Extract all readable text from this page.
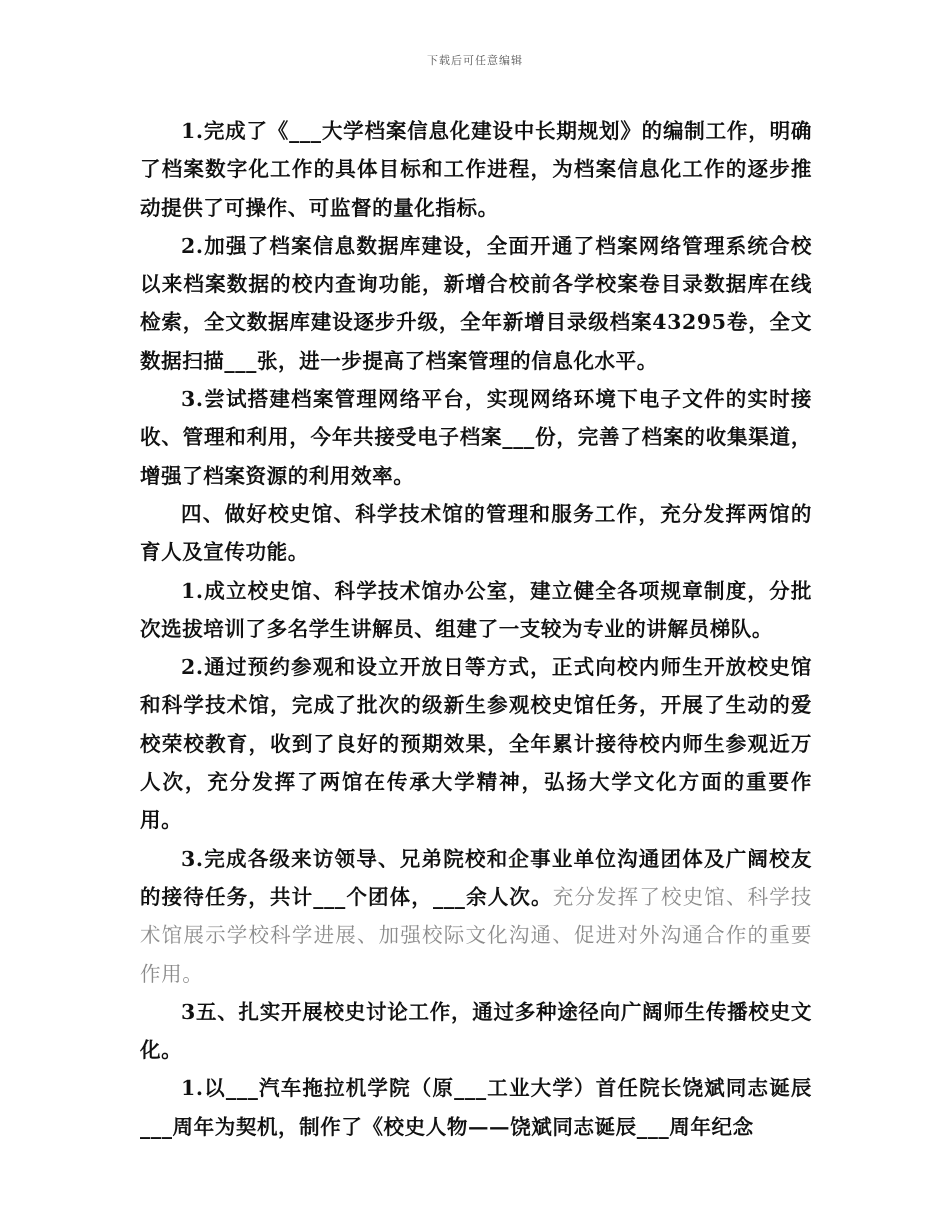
下载后可任意编辑

1.完成了《___大学档案信息化建设中长期规划》的编制工作，明确了档案数字化工作的具体目标和工作进程，为档案信息化工作的逐步推动提供了可操作、可监督的量化指标。

2.加强了档案信息数据库建设，全面开通了档案网络管理系统合校以来档案数据的校内查询功能，新增合校前各学校案卷目录数据库在线检索，全文数据库建设逐步升级，全年新增目录级档案43295卷，全文数据扫描___张，进一步提高了档案管理的信息化水平。

3.尝试搭建档案管理网络平台，实现网络环境下电子文件的实时接收、管理和利用，今年共接受电子档案___份，完善了档案的收集渠道，增强了档案资源的利用效率。

四、做好校史馆、科学技术馆的管理和服务工作，充分发挥两馆的育人及宣传功能。

1.成立校史馆、科学技术馆办公室，建立健全各项规章制度，分批次选拔培训了多名学生讲解员、组建了一支较为专业的讲解员梯队。

2.通过预约参观和设立开放日等方式，正式向校内师生开放校史馆和科学技术馆，完成了批次的级新生参观校史馆任务，开展了生动的爱校荣校教育，收到了良好的预期效果，全年累计接待校内师生参观近万人次，充分发挥了两馆在传承大学精神，弘扬大学文化方面的重要作用。

3.完成各级来访领导、兄弟院校和企事业单位沟通团体及广阔校友的接待任务，共计___个团体，___余人次。充分发挥了校史馆、科学技术馆展示学校科学进展、加强校际文化沟通、促进对外沟通合作的重要作用。

3五、扎实开展校史讨论工作，通过多种途径向广阔师生传播校史文化。

1.以___汽车拖拉机学院（原___工业大学）首任院长饶斌同志诞辰___周年为契机，制作了《校史人物——饶斌同志诞辰___周年纪念
